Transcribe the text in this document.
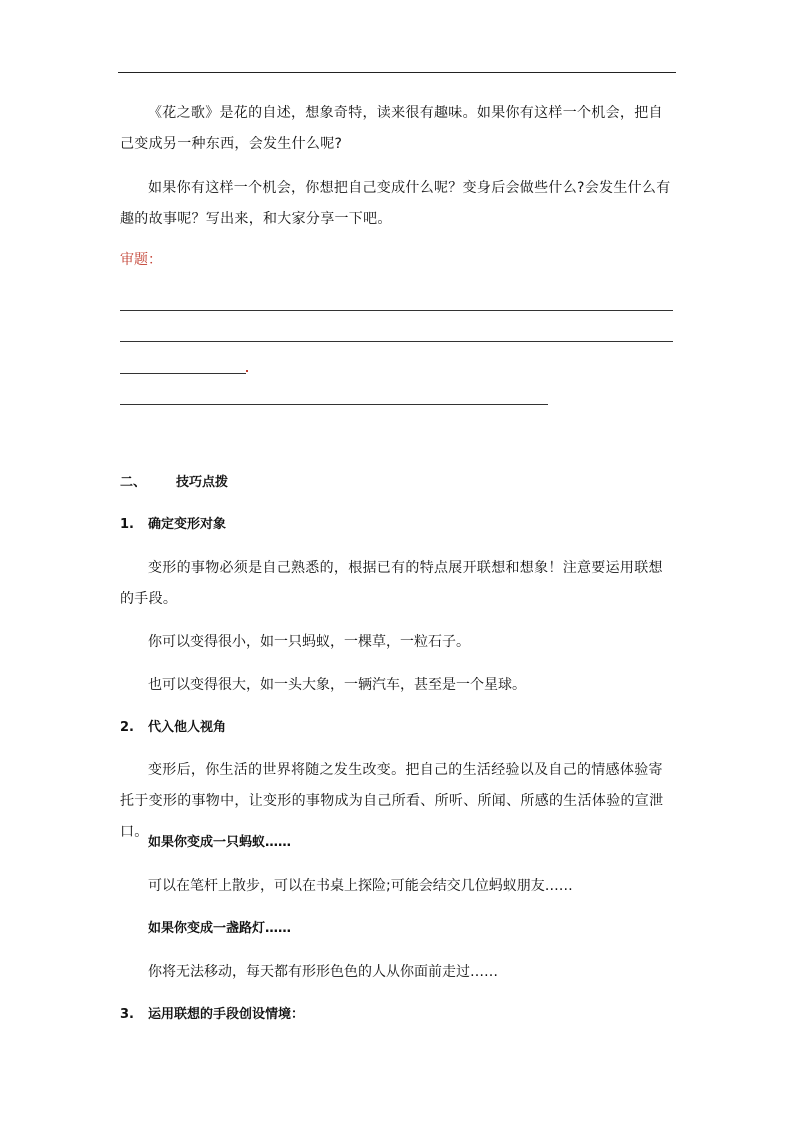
《花之歌》是花的自述，想象奇特，读来很有趣味。如果你有这样一个机会，把自己变成另一种东西，会发生什么呢?

如果你有这样一个机会，你想把自己变成什么呢？变身后会做些什么?会发生什么有趣的故事呢？写出来，和大家分享一下吧。

审题：
二、 技巧点拨
1. 确定变形对象

变形的事物必须是自己熟悉的，根据已有的特点展开联想和想象！注意要运用联想的手段。

你可以变得很小，如一只蚂蚁，一棵草，一粒石子。
也可以变得很大，如一头大象，一辆汽车，甚至是一个星球。
2. 代入他人视角

变形后，你生活的世界将随之发生改变。把自己的生活经验以及自己的情感体验寄托于变形的事物中，让变形的事物成为自己所看、所听、所闻、所感的生活体验的宣泄口。

如果你变成一只蚂蚁……
可以在笔杆上散步，可以在书桌上探险;可能会结交几位蚂蚁朋友……
如果你变成一盏路灯……
你将无法移动，每天都有形形色色的人从你面前走过……
3. 运用联想的手段创设情境：
